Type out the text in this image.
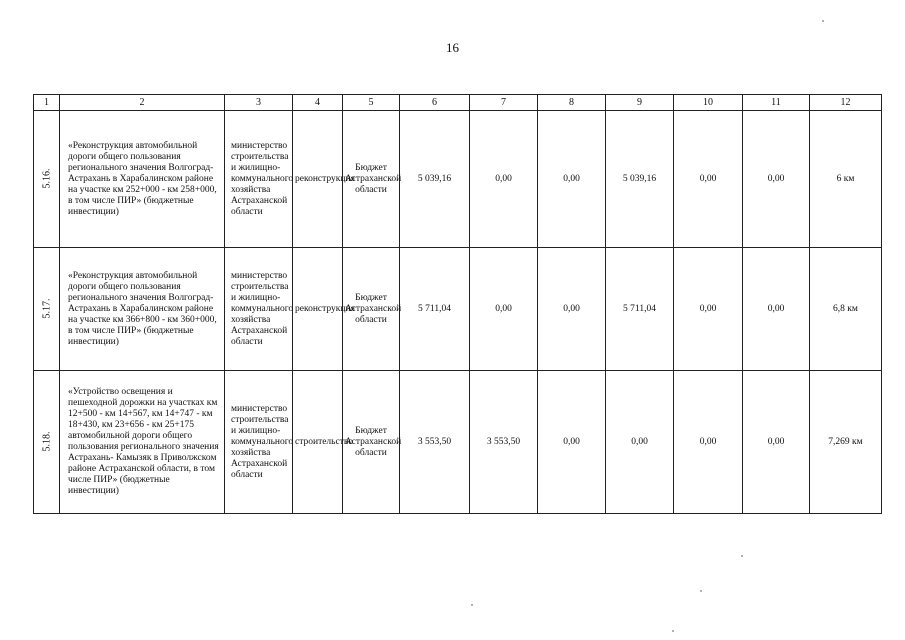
16
1	2	3	4	5	6	7	8	9	10	11	12
5.16.	«Реконструкция автомобильной дороги общего пользования регионального значения Волгоград- Астрахань в Харабалинском районе на участке км 252+000 - км 258+000, в том числе ПИР» (бюджетные инвестиции)	министерство строительства и жилищно-коммунального хозяйства Астраханской области	реконструкция	Бюджет Астраханской области	5 039,16	0,00	0,00	5 039,16	0,00	0,00	6 км
5.17.	«Реконструкция автомобильной дороги общего пользования регионального значения Волгоград- Астрахань в Харабалинском районе на участке км 366+800 - км 360+000, в том числе ПИР» (бюджетные инвестиции)	министерство строительства и жилищно-коммунального хозяйства Астраханской области	реконструкция	Бюджет Астраханской области	5 711,04	0,00	0,00	5 711,04	0,00	0,00	6,8 км
5.18.	«Устройство освещения и пешеходной дорожки на участках км 12+500 - км 14+567, км 14+747 - км 18+430, км 23+656 - км 25+175 автомобильной дороги общего пользования регионального значения Астрахань- Камызяк в Приволжском районе Астраханской области, в том числе ПИР» (бюджетные инвестиции)	министерство строительства и жилищно-коммунального хозяйства Астраханской области	строительство	Бюджет Астраханской области	3 553,50	3 553,50	0,00	0,00	0,00	0,00	7,269 км
